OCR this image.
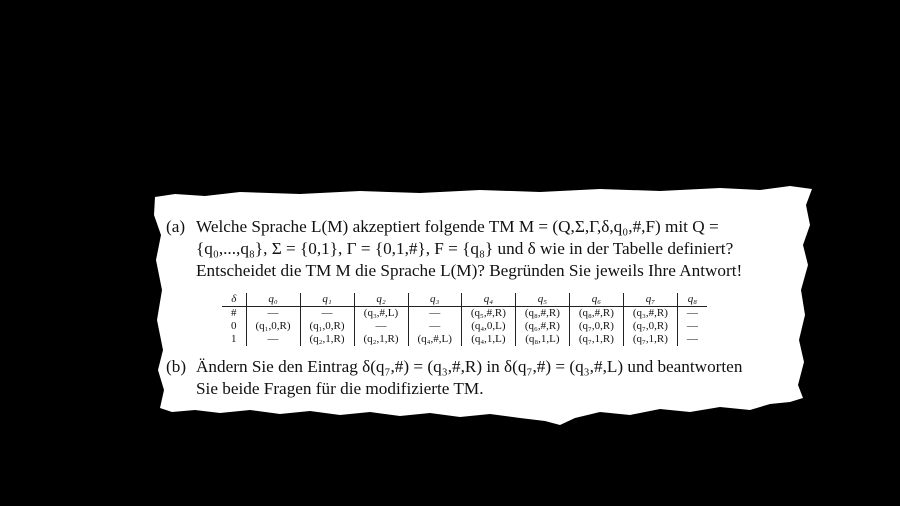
(a) Welche Sprache L(M) akzeptiert folgende TM M = (Q,Σ,Γ,δ,q₀,#,F) mit Q =
{q₀,...,q₈}, Σ = {0,1}, Γ = {0,1,#}, F = {q₈} und δ wie in der Tabelle definiert?
Entscheidet die TM M die Sprache L(M)? Begründen Sie jeweils Ihre Antwort!
δ	q₀	q₁	q₂	q₃	q₄	q₅	q₆	q₇	q₈
#	—	—	(q₃,#,L)	—	(q₅,#,R)	(q₈,#,R)	(q₈,#,R)	(q₃,#,R)	—
0	(q₁,0,R)	(q₁,0,R)	—	—	(q₄,0,L)	(q₆,#,R)	(q₇,0,R)	(q₇,0,R)	—
1	—	(q₂,1,R)	(q₂,1,R)	(q₄,#,L)	(q₄,1,L)	(q₈,1,L)	(q₇,1,R)	(q₇,1,R)	—
(b) Ändern Sie den Eintrag δ(q₇,#) = (q₃,#,R) in δ(q₇,#) = (q₃,#,L) und beantworten
Sie beide Fragen für die modifizierte TM.
